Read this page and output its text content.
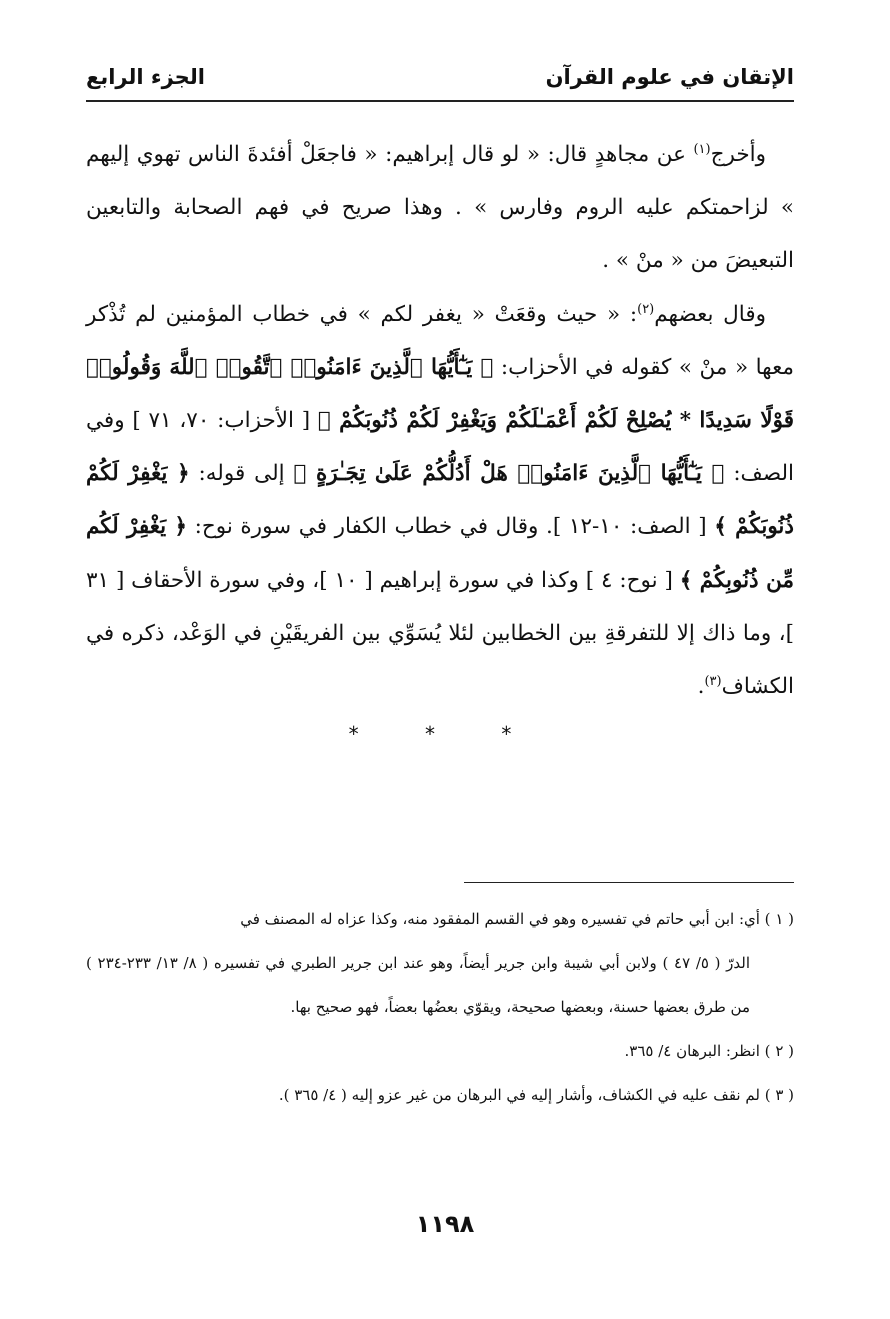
الإتقان في علوم القرآن
الجزء الرابع

وأخرج$^{(١)}$ عن مجاهدٍ قال: « لو قال إبراهيم: « فاجعَلْ أفئدةَ الناس تهوي إليهم » لزاحمتكم عليه الروم وفارس » . وهذا صريح في فهم الصحابة والتابعين التبعيضَ من « منْ » .

وقال بعضهم$^{(٢)}$: « حيث وقعَتْ « يغفر لكم » في خطاب المؤمنين لم تُذْكر معها « منْ » كقوله في الأحزاب: ﴿ يَـٰٓأَيُّهَا ٱلَّذِينَ ءَامَنُوا۟ ٱتَّقُوا۟ ٱللَّهَ وَقُولُوا۟ قَوْلًا سَدِيدًا * يُصْلِحْ لَكُمْ أَعْمَـٰلَكُمْ وَيَغْفِرْ لَكُمْ ذُنُوبَكُمْ ﴾ [ الأحزاب: ٧٠، ٧١ ] وفي الصف: ﴿ يَـٰٓأَيُّهَا ٱلَّذِينَ ءَامَنُوا۟ هَلْ أَدُلُّكُمْ عَلَىٰ تِجَـٰرَةٍ ﴾ إلى قوله: ﴿ يَغْفِرْ لَكُمْ ذُنُوبَكُمْ ﴾ [ الصف: ١٠-١٢ ]. وقال في خطاب الكفار في سورة نوح: ﴿ يَغْفِرْ لَكُم مِّن ذُنُوبِكُمْ ﴾ [ نوح: ٤ ] وكذا في سورة إبراهيم [ ١٠ ]، وفي سورة الأحقاف [ ٣١ ]، وما ذاك إلا للتفرقةِ بين الخطابين لئلا يُسَوِّي بين الفريقَيْنِ في الوَعْد، ذكره في الكشاف$^{(٣)}$.

* * *

( ١ ) أي: ابن أبي حاتم في تفسيره وهو في القسم المفقود منه، وكذا عزاه له المصنف في

الدرّ ( ٥/ ٤٧ ) ولابن أبي شيبة وابن جرير أيضاً، وهو عند ابن جرير الطبري في تفسيره ( ٨/ ١٣/ ٢٣٣-٢٣٤ ) من طرق بعضها حسنة، وبعضها صحيحة، ويقوّي بعضُها بعضاً، فهو صحيح بها.

( ٢ ) انظر: البرهان ٤/ ٣٦٥.

( ٣ ) لم نقف عليه في الكشاف، وأشار إليه في البرهان من غير عزو إليه ( ٤/ ٣٦٥ ).

١١٩٨
